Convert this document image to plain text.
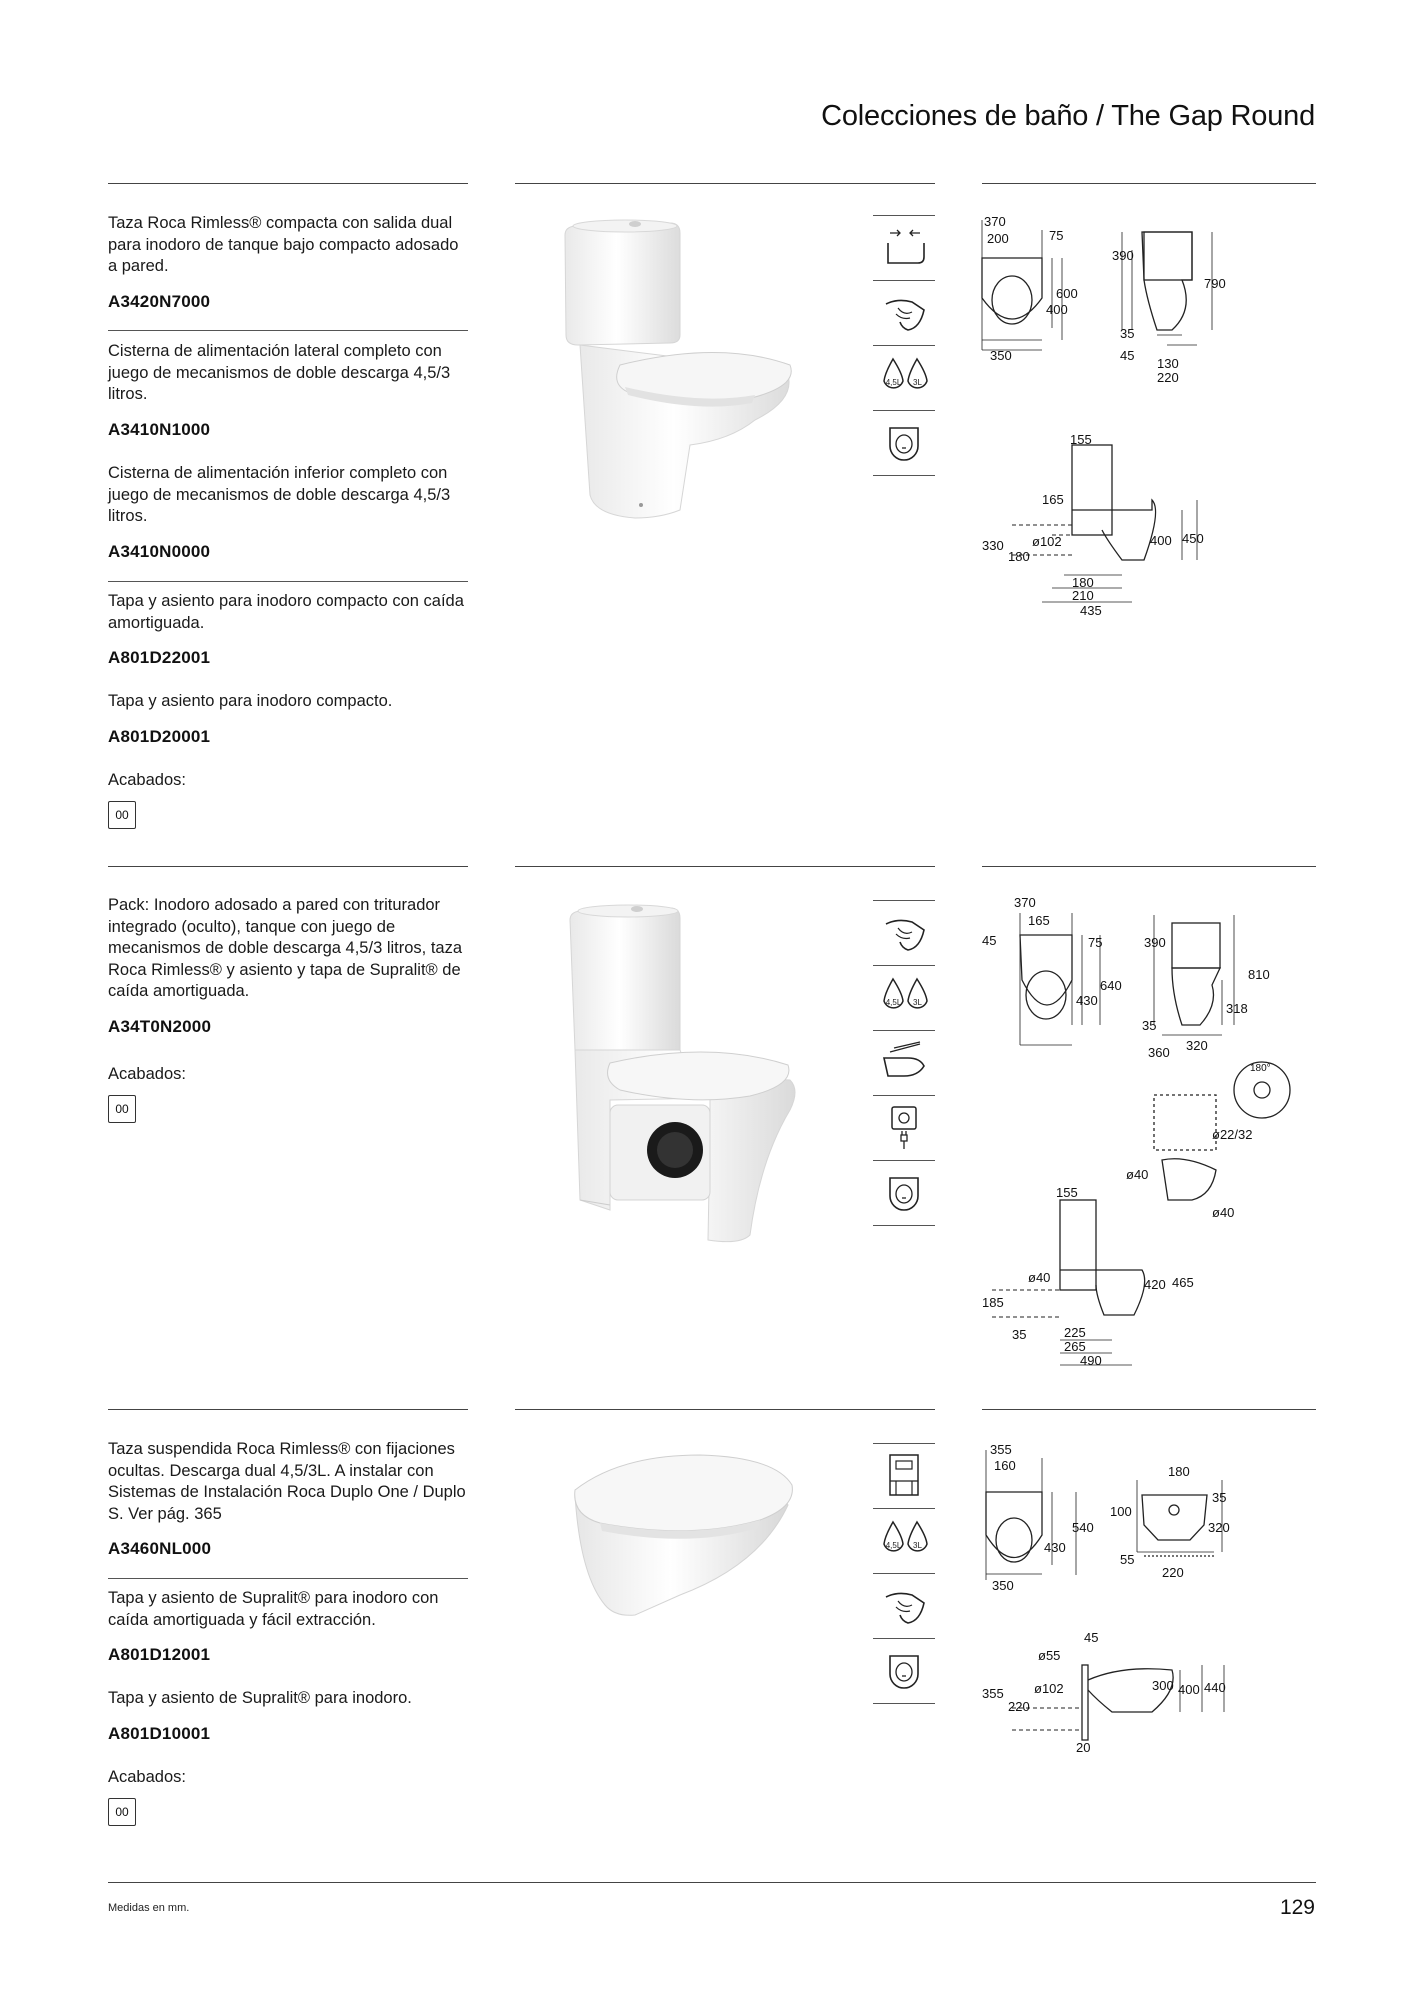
Colecciones de baño / The Gap Round
Taza Roca Rimless® compacta con salida dual para inodoro de tanque bajo compacto adosado a pared.
A3420N7000
Cisterna de alimentación lateral completo con juego de mecanismos de doble descarga 4,5/3 litros.
A3410N1000
Cisterna de alimentación inferior completo con juego de mecanismos de doble descarga 4,5/3 litros.
A3410N0000
Tapa y asiento para inodoro compacto con caída amortiguada.
A801D22001
Tapa y asiento para inodoro compacto.
A801D20001
Acabados:
00
4,5L 3L
370
200	75
600
400
350
390
790
35
45
130
220
155
165
330
180
ø102	400 450
180
210
435
Pack: Inodoro adosado a pared con triturador integrado (oculto), tanque con juego de mecanismos de doble descarga 4,5/3 litros, taza Roca Rimless® y asiento y tapa de Supralit® de caída amortiguada.
A34T0N2000
Acabados:
00
4,5L 3L
370
165
45	75
640
430
390
810
318
35
360 320
180°
ø22/32
ø40
ø40
155
ø40
185
35	225
265
490
420 465
Taza suspendida Roca Rimless® con fijaciones ocultas. Descarga dual 4,5/3L. A instalar con Sistemas de Instalación Roca Duplo One / Duplo S. Ver pág. 365
A3460NL000
Tapa y asiento de Supralit® para inodoro con caída amortiguada y fácil extracción.
A801D12001
Tapa y asiento de Supralit® para inodoro.
A801D10001
Acabados:
00
4,5L 3L
355
160
430
540
350
180
35
100
320
55
220
45
ø55
355 ø102
220
300 400 440
20
Medidas en mm.	129
